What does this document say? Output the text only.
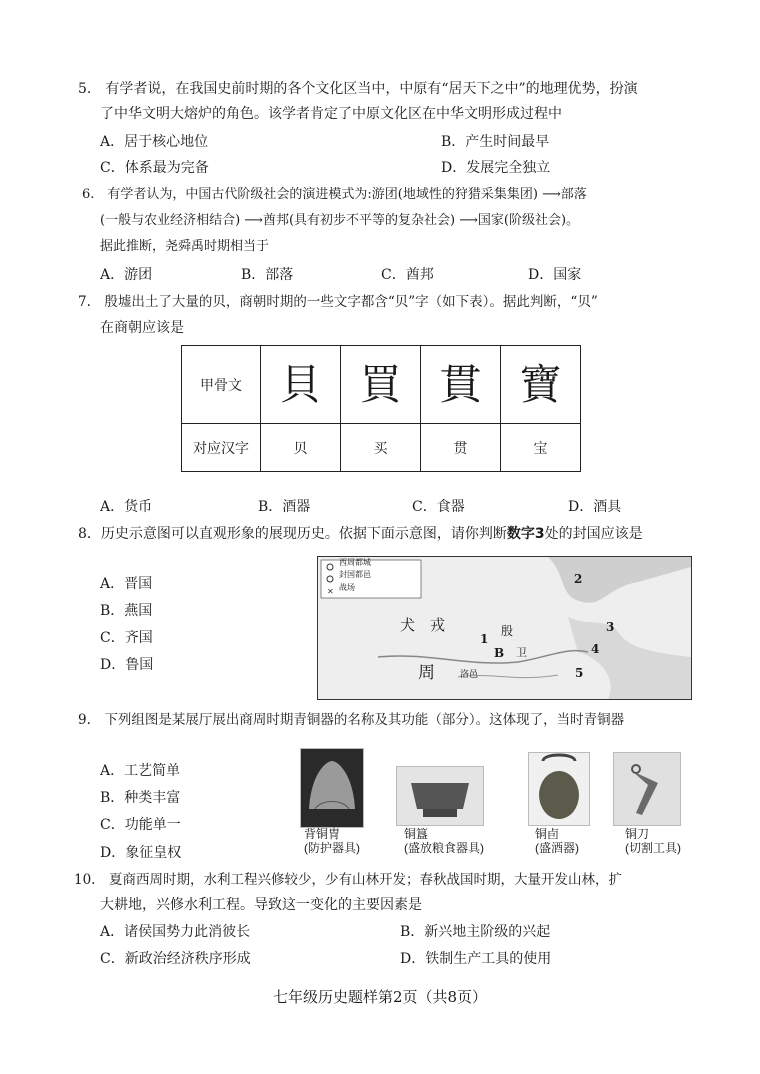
5.　有学者说，在我国史前时期的各个文化区当中，中原有“居天下之中”的地理优势，扮演
了中华文明大熔炉的角色。该学者肯定了中原文化区在中华文明形成过程中
A．居于核心地位	B．产生时间最早
C．体系最为完备	D．发展完全独立
6.　有学者认为，中国古代阶级社会的演进模式为:游团(地域性的狩猎采集集团) ⟶部落
(一般与农业经济相结合) ⟶酋邦(具有初步不平等的复杂社会) ⟶国家(阶级社会)。
据此推断，尧舜禹时期相当于
A．游团	B．部落	C．酋邦	D．国家
7.　殷墟出土了大量的贝，商朝时期的一些文字都含“贝”字（如下表）。据此判断，“贝”
在商朝应该是
甲骨文	貝	買	貫	寶
对应汉字	贝	买	贯	宝
A．货币	B．酒器	C．食器	D．酒具
8．历史示意图可以直观形象的展现历史。依据下面示意图，请你判断数字3处的封国应该是
A．晋国
B．燕国
C．齐国
D．鲁国
✕
西周都城
封国都邑
战场
犬 戎	殷
卫
周	洛邑
B
1
2
3
4
5
9.　下列组图是某展厅展出商周时期青铜器的名称及其功能（部分）。这体现了，当时青铜器
A．工艺简单
B．种类丰富
C．功能单一
D．象征皇权
背铜冑
(防护器具)
铜簋
(盛放粮食器具)
铜卣
(盛酒器)
铜刀
(切割工具)
10.　夏商西周时期，水利工程兴修较少，少有山林开发；春秋战国时期，大量开发山林，扩
大耕地，兴修水利工程。导致这一变化的主要因素是
A．诸侯国势力此消彼长	B．新兴地主阶级的兴起
C．新政治经济秩序形成	D．铁制生产工具的使用
七年级历史题样第2页（共8页）
